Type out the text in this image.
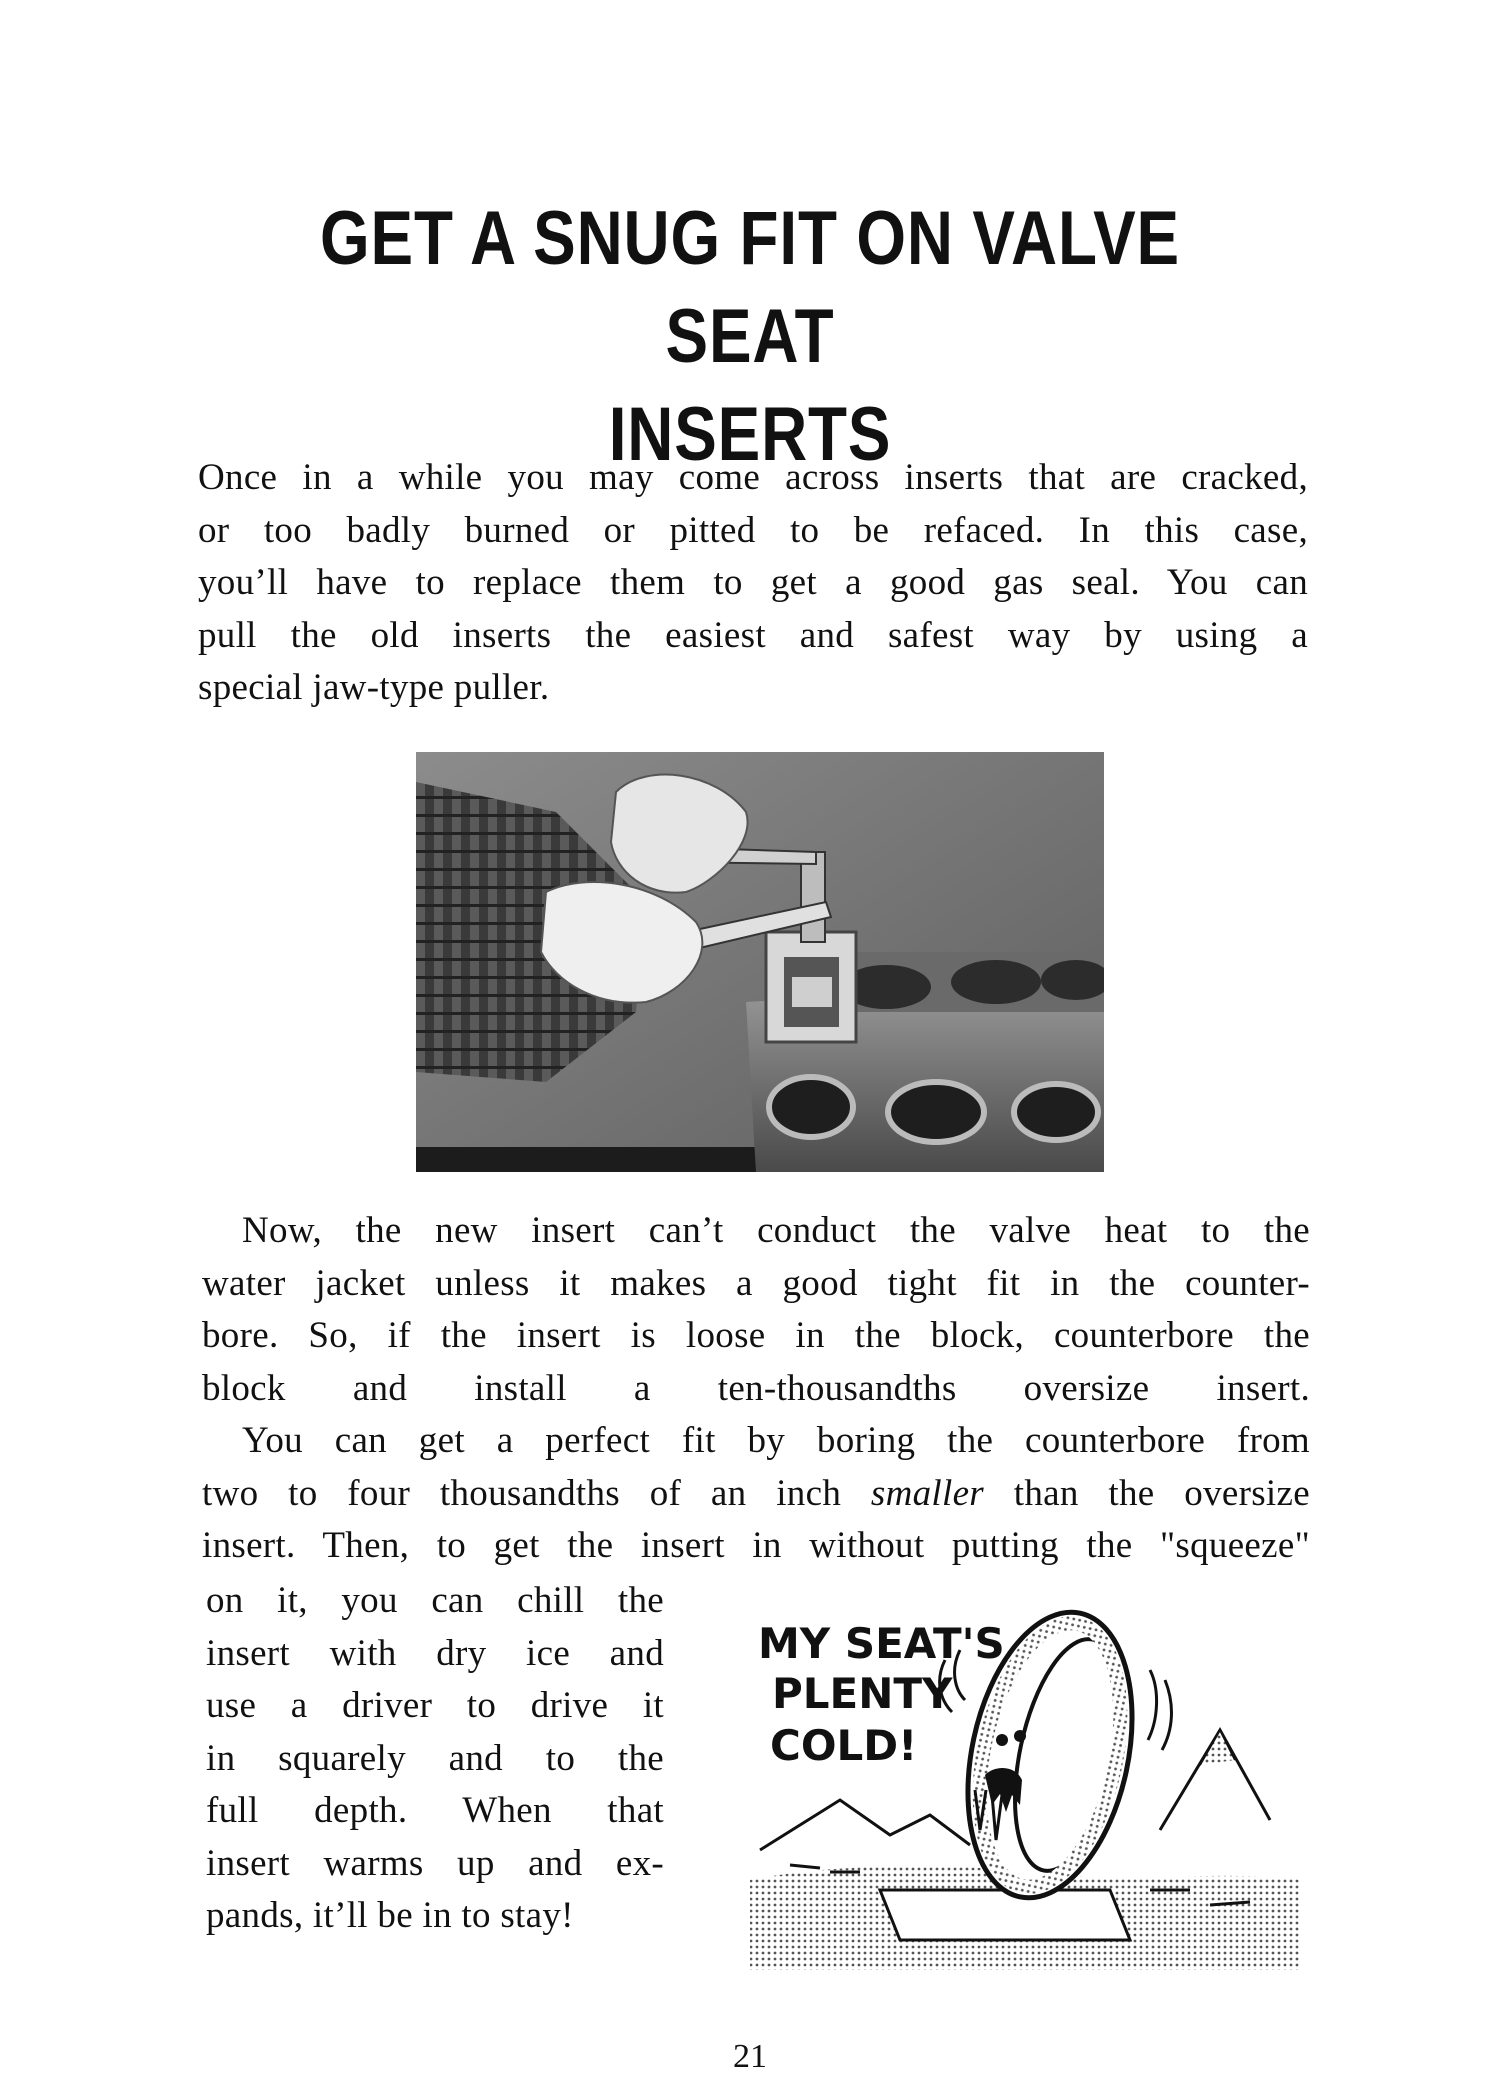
GET A SNUG FIT ON VALVE SEAT
INSERTS

Once in a while you may come across inserts that are cracked,
or too badly burned or pitted to be refaced. In this case,
you’ll have to replace them to get a good gas seal. You can
pull the old inserts the easiest and safest way by using a
special jaw-type puller.

Now, the new insert can’t conduct the valve heat to the
water jacket unless it makes a good tight fit in the counter-
bore. So, if the insert is loose in the block, counterbore the
block and install a ten-thousandths oversize insert.
You can get a perfect fit by boring the counterbore from
two to four thousandths of an inch smaller than the oversize
insert. Then, to get the insert in without putting the "squeeze"

on it, you can chill the
insert with dry ice and
use a driver to drive it
in squarely and to the
full depth. When that
insert warms up and ex-
pands, it’ll be in to stay!

MY SEAT'S
PLENTY
COLD!

21
